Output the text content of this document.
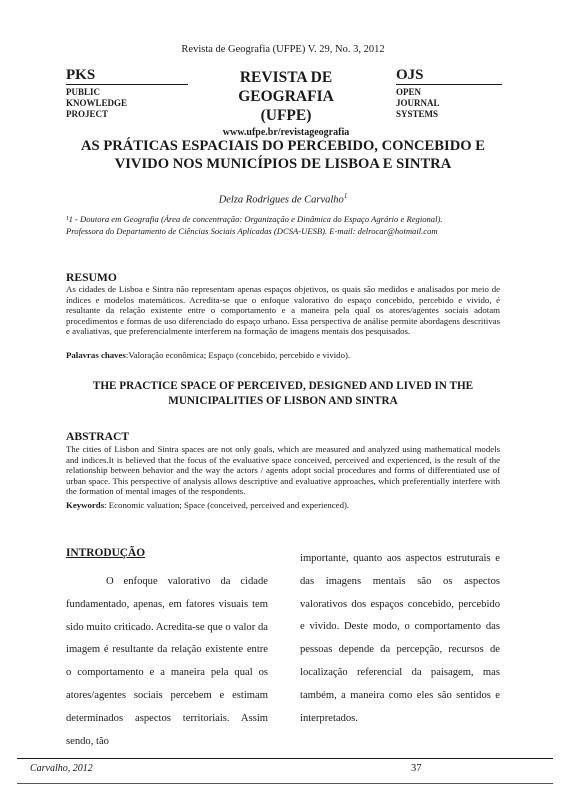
Revista de Geografia (UFPE) V. 29, No. 3, 2012
PKS
PUBLIC
KNOWLEDGE
PROJECT
REVISTA DE GEOGRAFIA
(UFPE)
www.ufpe.br/revistageografia
OJS
OPEN
JOURNAL
SYSTEMS
AS PRÁTICAS ESPACIAIS DO PERCEBIDO, CONCEBIDO E
VIVIDO NOS MUNICÍPIOS DE LISBOA E SINTRA
Delza Rodrigues de Carvalho$^1$
¹1 - Doutora em Geografia (Área de concentração: Organização e Dinâmica do Espaço Agrário e Regional).
Professora do Departamento de Ciências Sociais Aplicadas (DCSA-UESB). E-mail: delrocar@hotmail.com
RESUMO
As cidades de Lisboa e Sintra não representam apenas espaços objetivos, os quais são medidos e analisados por meio de índices e modelos matemáticos. Acredita-se que o enfoque valorativo do espaço concebido, percebido e vivido, é resultante da relação existente entre o comportamento e a maneira pela qual os atores/agentes sociais adotam procedimentos e formas de uso diferenciado do espaço urbano. Essa perspectiva de análise permite abordagens descritivas e avaliativas, que preferencialmente interferem na formação de imagens mentais dos pesquisados.
Palavras chaves:Valoração econômica; Espaço (concebido, percebido e vivido).
THE PRACTICE SPACE OF PERCEIVED, DESIGNED AND LIVED IN THE
MUNICIPALITIES OF LISBON AND SINTRA
ABSTRACT
The cities of Lisbon and Sintra spaces are not only goals, which are measured and analyzed using mathematical models and indices.It is believed that the focus of the evaluative space conceived, perceived and experienced, is the result of the relationship between behavior and the way the actors / agents adopt social procedures and forms of differentiated use of urban space. This perspective of analysis allows descriptive and evaluative approaches, which preferentially interfere with the formation of mental images of the respondents.
Keywords: Economic valuation; Space (conceived, perceived and experienced).
INTRODUÇÃO
O enfoque valorativo da cidade fundamentado, apenas, em fatores visuais tem sido muito criticado. Acredita-se que o valor da imagem é resultante da relação existente entre o comportamento e a maneira pela qual os atores/agentes sociais percebem e estimam determinados aspectos territoriais. Assim sendo, tão
importante, quanto aos aspectos estruturais e das imagens mentais são os aspectos valorativos dos espaços concebido, percebido e vivido. Deste modo, o comportamento das pessoas depende da percepção, recursos de localização referencial da paisagem, mas também, a maneira como eles são sentidos e interpretados.
Carvalho, 2012	37
